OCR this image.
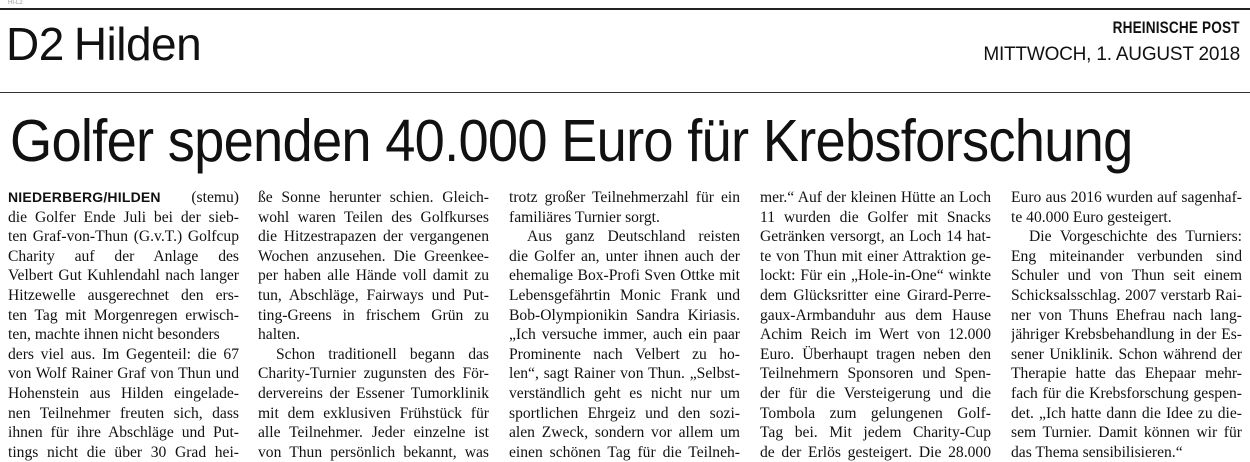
HI-L2
D2 Hilden	RHEINISCHE POST
MITTWOCH, 1. AUGUST 2018
Golfer spenden 40.000 Euro für Krebsforschung
NIEDERBERG/HILDEN (stemu)
die Golfer Ende Juli bei der sieb-
ten Graf-von-Thun (G.v.T.) Golfcup
Charity auf der Anlage des
Velbert Gut Kuhlendahl nach langer
Hitzewelle ausgerechnet den ers-
ten Tag mit Morgenregen erwisch-
ten, machte ihnen nicht besonders
ders viel aus. Im Gegenteil: die 67
von Wolf Rainer Graf von Thun und
Hohenstein aus Hilden eingelade-
nen Teilnehmer freuten sich, dass
ihnen für ihre Abschläge und Put-
tings nicht die über 30 Grad hei-
ße Sonne herunter schien. Gleich-
wohl waren Teilen des Golfkurses
die Hitzestrapazen der vergangenen
Wochen anzusehen. Die Greenkee-
per haben alle Hände voll damit zu
tun, Abschläge, Fairways und Put-
ting-Greens in frischem Grün zu
halten.
Schon traditionell begann das
Charity-Turnier zugunsten des För-
dervereins der Essener Tumorklinik
mit dem exklusiven Frühstück für
alle Teilnehmer. Jeder einzelne ist
von Thun persönlich bekannt, was
trotz großer Teilnehmerzahl für ein
familiäres Turnier sorgt.
Aus ganz Deutschland reisten
die Golfer an, unter ihnen auch der
ehemalige Box-Profi Sven Ottke mit
Lebensgefährtin Monic Frank und
Bob-Olympionikin Sandra Kiriasis.
„Ich versuche immer, auch ein paar
Prominente nach Velbert zu ho-
len“, sagt Rainer von Thun. „Selbst-
verständlich geht es nicht nur um
sportlichen Ehrgeiz und den sozi-
alen Zweck, sondern vor allem um
einen schönen Tag für die Teilneh-
mer.“ Auf der kleinen Hütte an Loch
11 wurden die Golfer mit Snacks
Getränken versorgt, an Loch 14 hat-
te von Thun mit einer Attraktion ge-
lockt: Für ein „Hole-in-One“ winkte
dem Glücksritter eine Girard-Perre-
gaux-Armbanduhr aus dem Hause
Achim Reich im Wert von 12.000
Euro. Überhaupt tragen neben den
Teilnehmern Sponsoren und Spen-
der für die Versteigerung und die
Tombola zum gelungenen Golf-
Tag bei. Mit jedem Charity-Cup
de der Erlös gesteigert. Die 28.000
Euro aus 2016 wurden auf sagenhaf-
te 40.000 Euro gesteigert.
Die Vorgeschichte des Turniers:
Eng miteinander verbunden sind
Schuler und von Thun seit einem
Schicksalsschlag. 2007 verstarb Rai-
ner von Thuns Ehefrau nach lang-
jähriger Krebsbehandlung in der Es-
sener Uniklinik. Schon während der
Therapie hatte das Ehepaar mehr-
fach für die Krebsforschung gespen-
det. „Ich hatte dann die Idee zu die-
sem Turnier. Damit können wir für
das Thema sensibilisieren.“
